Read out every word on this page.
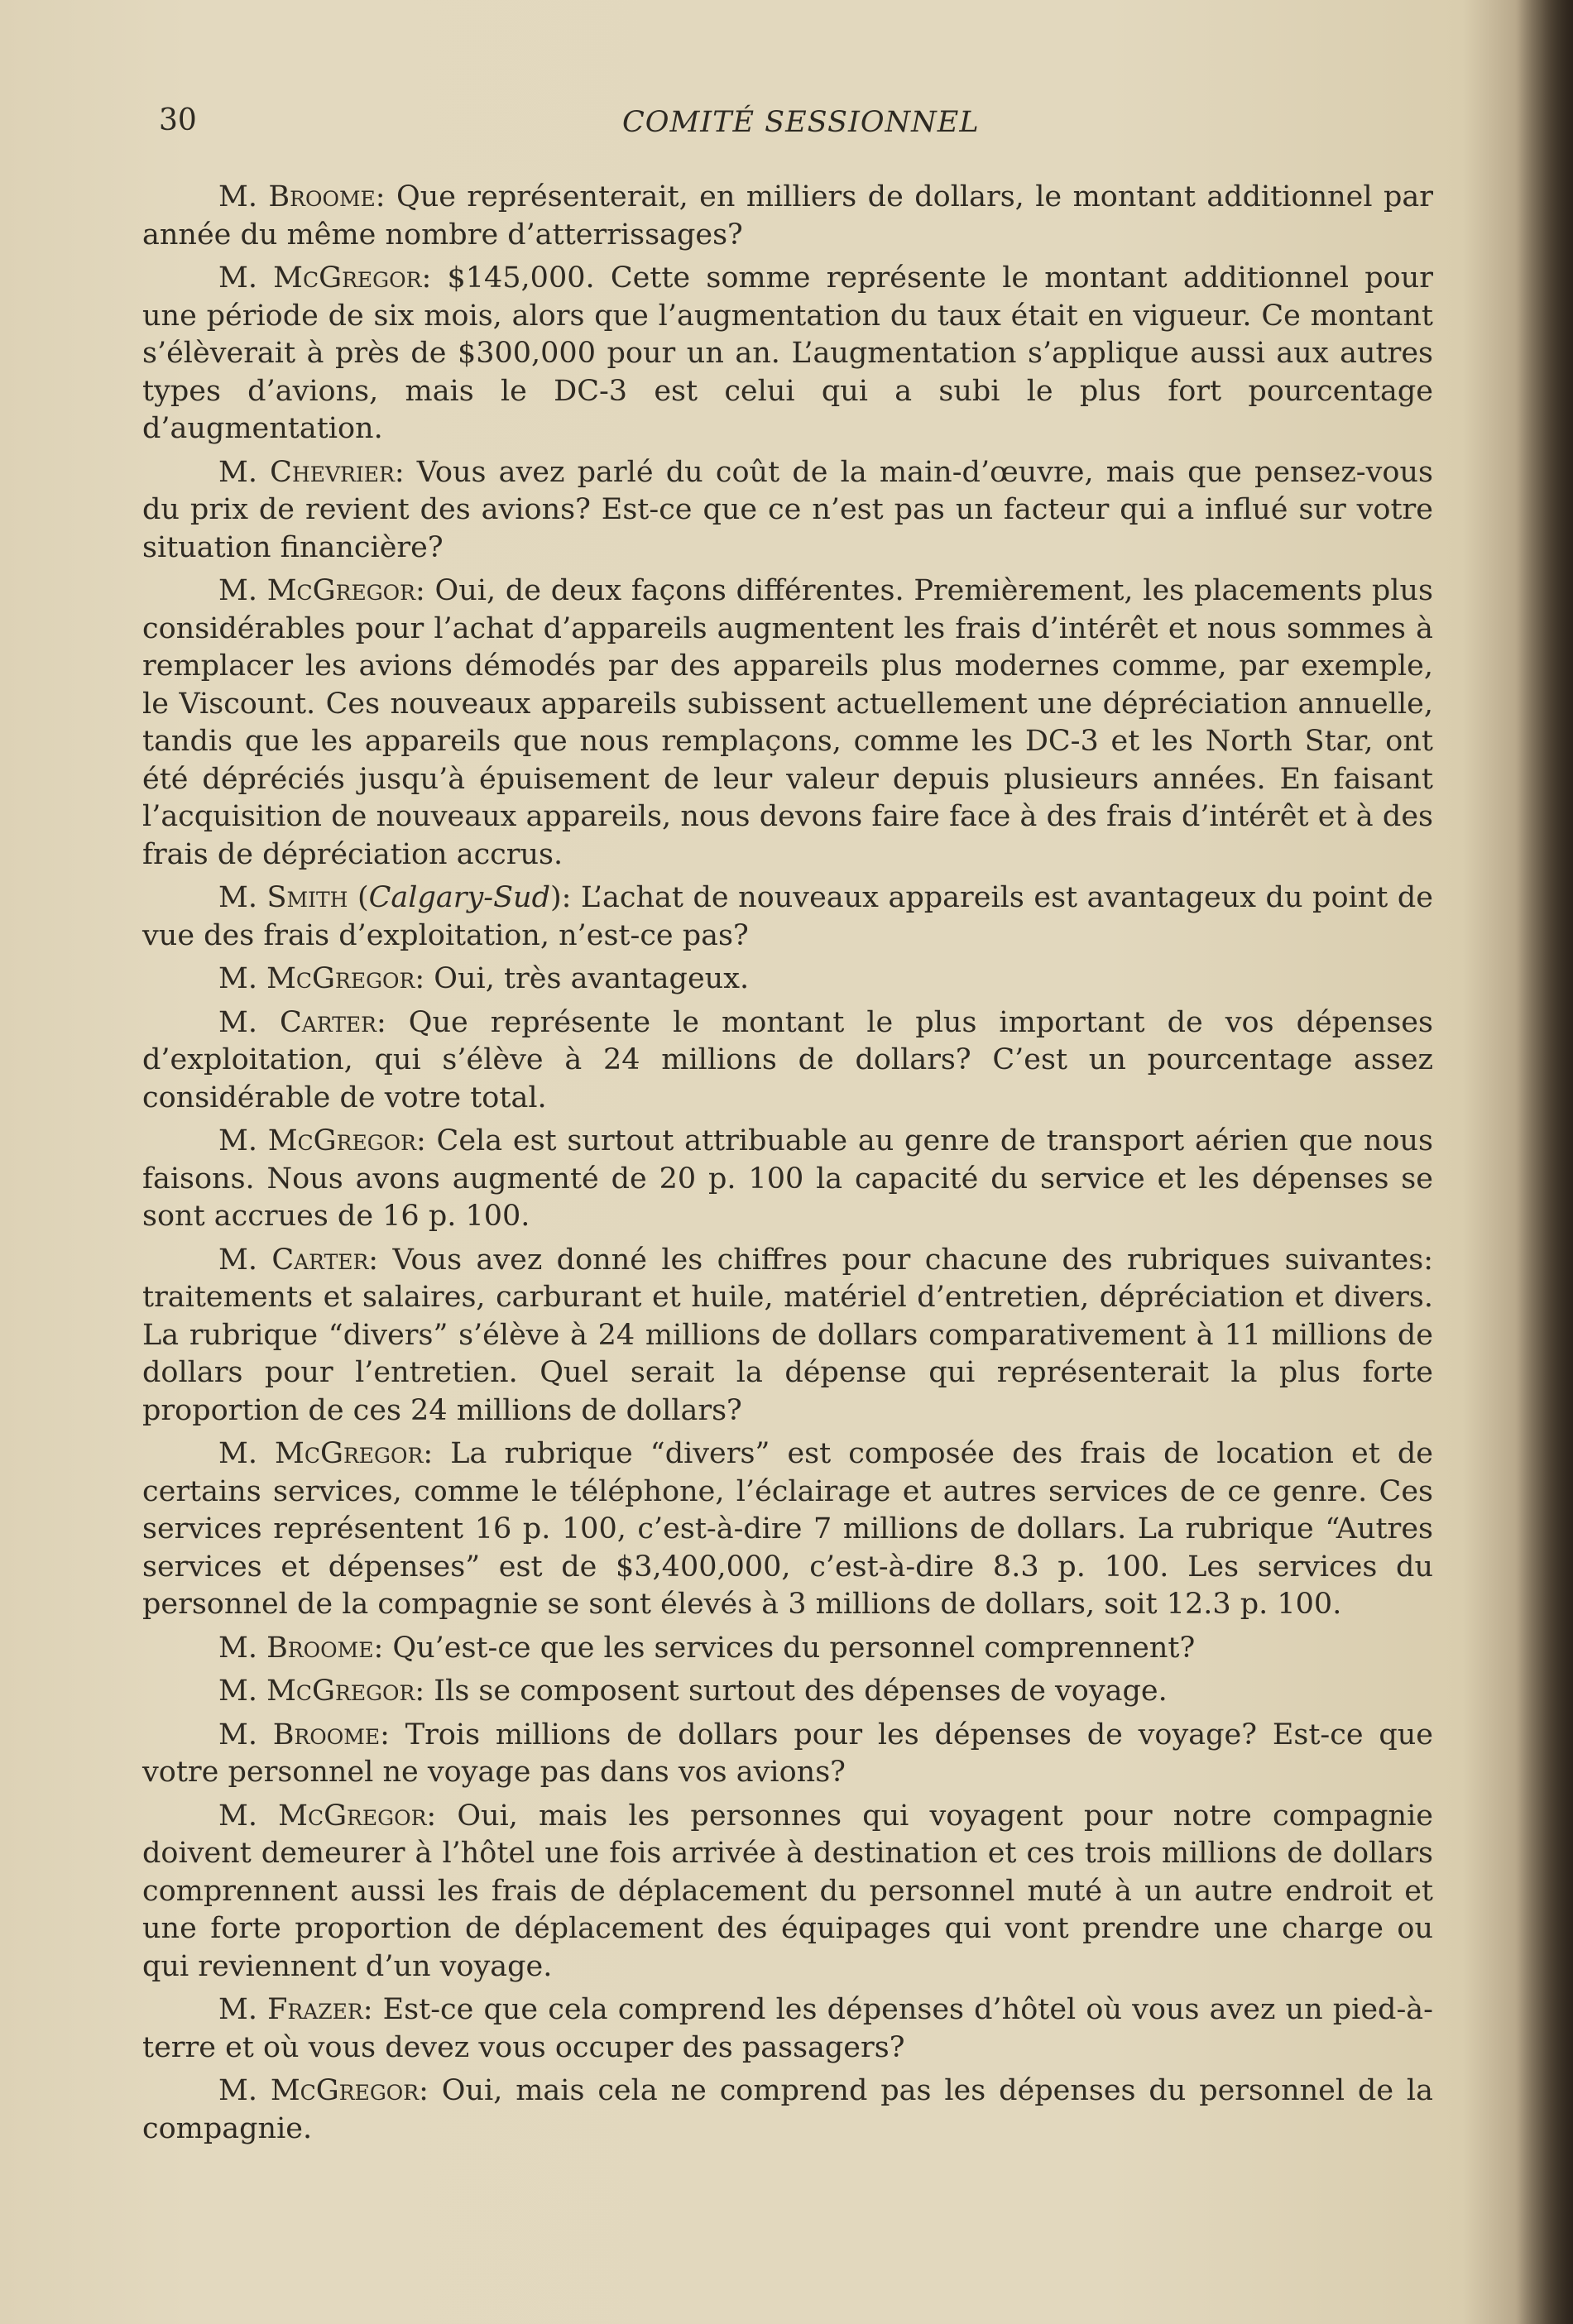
30	COMITÉ SESSIONNEL

M. Broome: Que représenterait, en milliers de dollars, le montant additionnel par année du même nombre d’atterrissages?

M. McGregor: $145,000. Cette somme représente le montant additionnel pour une période de six mois, alors que l’augmentation du taux était en vigueur. Ce montant s’élèverait à près de $300,000 pour un an. L’augmentation s’applique aussi aux autres types d’avions, mais le DC-3 est celui qui a subi le plus fort pourcentage d’augmentation.

M. Chevrier: Vous avez parlé du coût de la main-d’œuvre, mais que pensez-vous du prix de revient des avions? Est-ce que ce n’est pas un facteur qui a influé sur votre situation financière?

M. McGregor: Oui, de deux façons différentes. Premièrement, les placements plus considérables pour l’achat d’appareils augmentent les frais d’intérêt et nous sommes à remplacer les avions démodés par des appareils plus modernes comme, par exemple, le Viscount. Ces nouveaux appareils subissent actuellement une dépréciation annuelle, tandis que les appareils que nous remplaçons, comme les DC-3 et les North Star, ont été dépréciés jusqu’à épuisement de leur valeur depuis plusieurs années. En faisant l’acquisition de nouveaux appareils, nous devons faire face à des frais d’intérêt et à des frais de dépréciation accrus.

M. Smith (Calgary-Sud): L’achat de nouveaux appareils est avantageux du point de vue des frais d’exploitation, n’est-ce pas?

M. McGregor: Oui, très avantageux.

M. Carter: Que représente le montant le plus important de vos dépenses d’exploitation, qui s’élève à 24 millions de dollars? C’est un pourcentage assez considérable de votre total.

M. McGregor: Cela est surtout attribuable au genre de transport aérien que nous faisons. Nous avons augmenté de 20 p. 100 la capacité du service et les dépenses se sont accrues de 16 p. 100.

M. Carter: Vous avez donné les chiffres pour chacune des rubriques suivantes: traitements et salaires, carburant et huile, matériel d’entretien, dépréciation et divers. La rubrique “divers” s’élève à 24 millions de dollars comparativement à 11 millions de dollars pour l’entretien. Quel serait la dépense qui représenterait la plus forte proportion de ces 24 millions de dollars?

M. McGregor: La rubrique “divers” est composée des frais de location et de certains services, comme le téléphone, l’éclairage et autres services de ce genre. Ces services représentent 16 p. 100, c’est-à-dire 7 millions de dollars. La rubrique “Autres services et dépenses” est de $3,400,000, c’est-à-dire 8.3 p. 100. Les services du personnel de la compagnie se sont élevés à 3 millions de dollars, soit 12.3 p. 100.

M. Broome: Qu’est-ce que les services du personnel comprennent?

M. McGregor: Ils se composent surtout des dépenses de voyage.

M. Broome: Trois millions de dollars pour les dépenses de voyage? Est-ce que votre personnel ne voyage pas dans vos avions?

M. McGregor: Oui, mais les personnes qui voyagent pour notre compagnie doivent demeurer à l’hôtel une fois arrivée à destination et ces trois millions de dollars comprennent aussi les frais de déplacement du personnel muté à un autre endroit et une forte proportion de déplacement des équipages qui vont prendre une charge ou qui reviennent d’un voyage.

M. Frazer: Est-ce que cela comprend les dépenses d’hôtel où vous avez un pied-à-terre et où vous devez vous occuper des passagers?

M. McGregor: Oui, mais cela ne comprend pas les dépenses du personnel de la compagnie.
